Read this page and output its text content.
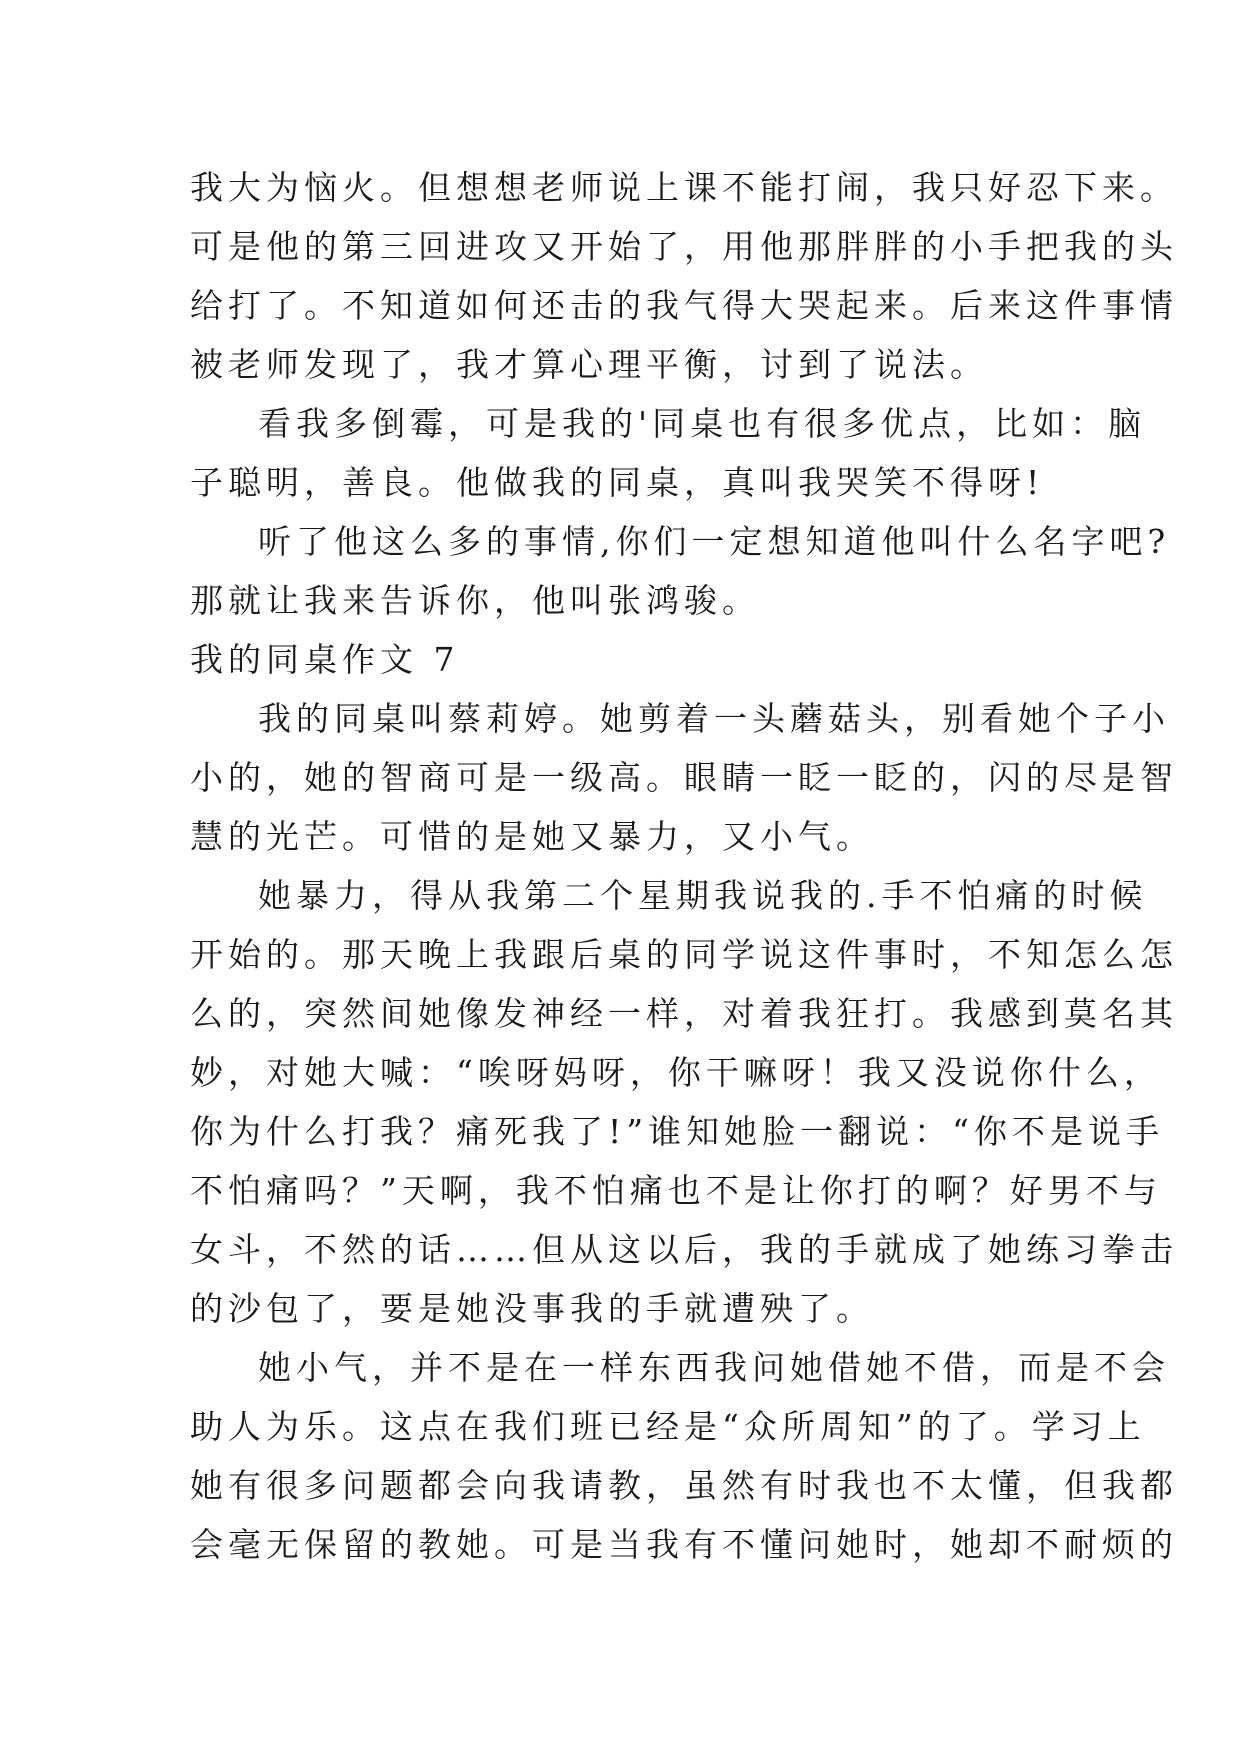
我大为恼火。但想想老师说上课不能打闹，我只好忍下来。
可是他的第三回进攻又开始了，用他那胖胖的小手把我的头
给打了。不知道如何还击的我气得大哭起来。后来这件事情
被老师发现了，我才算心理平衡，讨到了说法。
看我多倒霉，可是我的'同桌也有很多优点，比如：脑
子聪明，善良。他做我的同桌，真叫我哭笑不得呀!
听了他这么多的事情,你们一定想知道他叫什么名字吧?
那就让我来告诉你，他叫张鸿骏。
我的同桌作文 7
我的同桌叫蔡莉婷。她剪着一头蘑菇头，别看她个子小
小的，她的智商可是一级高。眼睛一眨一眨的，闪的尽是智
慧的光芒。可惜的是她又暴力，又小气。
她暴力，得从我第二个星期我说我的.手不怕痛的时候
开始的。那天晚上我跟后桌的同学说这件事时，不知怎么怎
么的，突然间她像发神经一样，对着我狂打。我感到莫名其
妙，对她大喊：“唉呀妈呀，你干嘛呀！我又没说你什么，
你为什么打我？痛死我了!”谁知她脸一翻说：“你不是说手
不怕痛吗？”天啊，我不怕痛也不是让你打的啊？好男不与
女斗，不然的话……但从这以后，我的手就成了她练习拳击
的沙包了，要是她没事我的手就遭殃了。
她小气，并不是在一样东西我问她借她不借，而是不会
助人为乐。这点在我们班已经是“众所周知”的了。学习上
她有很多问题都会向我请教，虽然有时我也不太懂，但我都
会毫无保留的教她。可是当我有不懂问她时，她却不耐烦的
